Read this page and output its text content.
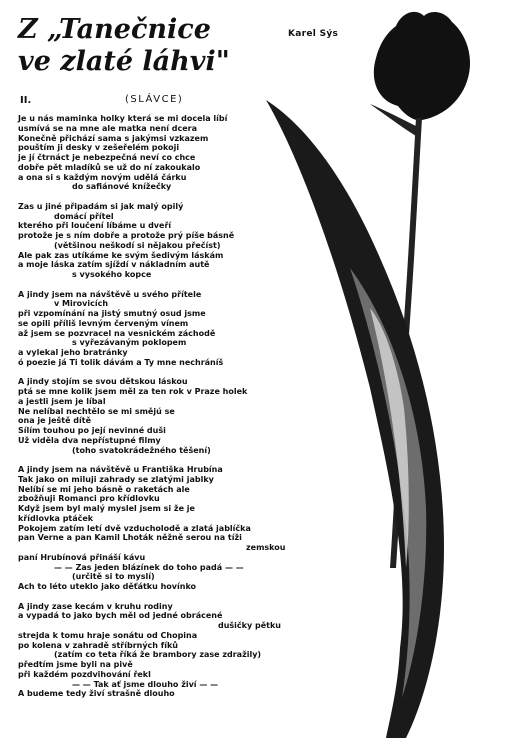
Z „Tanečnice
ve zlaté láhvi"
Karel Sýs
II.	(SLÁVCE)
Je u nás maminka holky která se mi docela líbí
usmívá se na mne ale matka není dcera
Konečně přichází sama s jakýmsi vzkazem
pouštím ji desky v zešeřelém pokoji
je jí čtrnáct je nebezpečná neví co chce
dobře pět mladíků se už do ní zakoukalo
a ona si s každým novým udělá čárku
do safiánové knížečky
Zas u jiné připadám si jak malý opilý
domácí přítel
kterého při loučení líbáme u dveří
protože je s ním dobře a protože prý píše básně
(většinou neškodí si nějakou přečíst)
Ale pak zas utíkáme ke svým šedivým láskám
a moje láska zatím sjíždí v nákladním autě
s vysokého kopce
A jindy jsem na návštěvě u svého přítele
v Mirovicích
při vzpomínání na jistý smutný osud jsme
se opili příliš levným červeným vínem
až jsem se pozvracel na vesnickém záchodě
s vyřezávaným poklopem
a vylekal jeho bratránky
ó poezie já Ti tolik dávám a Ty mne nechráníš
A jindy stojím se svou dětskou láskou
ptá se mne kolik jsem měl za ten rok v Praze holek
a jestli jsem je líbal
Ne nelíbal nechtělo se mi smějú se
ona je ještě dítě
Sílím touhou po její nevinné duši
Už viděla dva nepřístupné filmy
(toho svatokrádežného těšení)
A jindy jsem na návštěvě u Františka Hrubína
Tak jako on miluji zahrady se zlatými jablky
Nelíbí se mi jeho básně o raketách ale
zbožňuji Romanci pro křídlovku
Když jsem byl malý myslel jsem si že je
křídlovka ptáček
Pokojem zatím letí dvě vzducholodě a zlatá jablíčka
pan Verne a pan Kamil Lhoták něžně serou na tíži
zemskou
paní Hrubínová přináší kávu
— — Zas jeden blázínek do toho padá — —
(určitě si to myslí)
Ach to léto uteklo jako děťátku hovínko
A jindy zase kecám v kruhu rodiny
a vypadá to jako bych měl od jedné obrácené
dušičky pětku
strejda k tomu hraje sonátu od Chopina
po kolena v zahradě stříbrných fíků
(zatím co teta říká že brambory zase zdražily)
předtím jsme byli na pivě
při každém pozdvihování řekl
— — Tak ať jsme dlouho živí — —
A budeme tedy živí strašně dlouho
